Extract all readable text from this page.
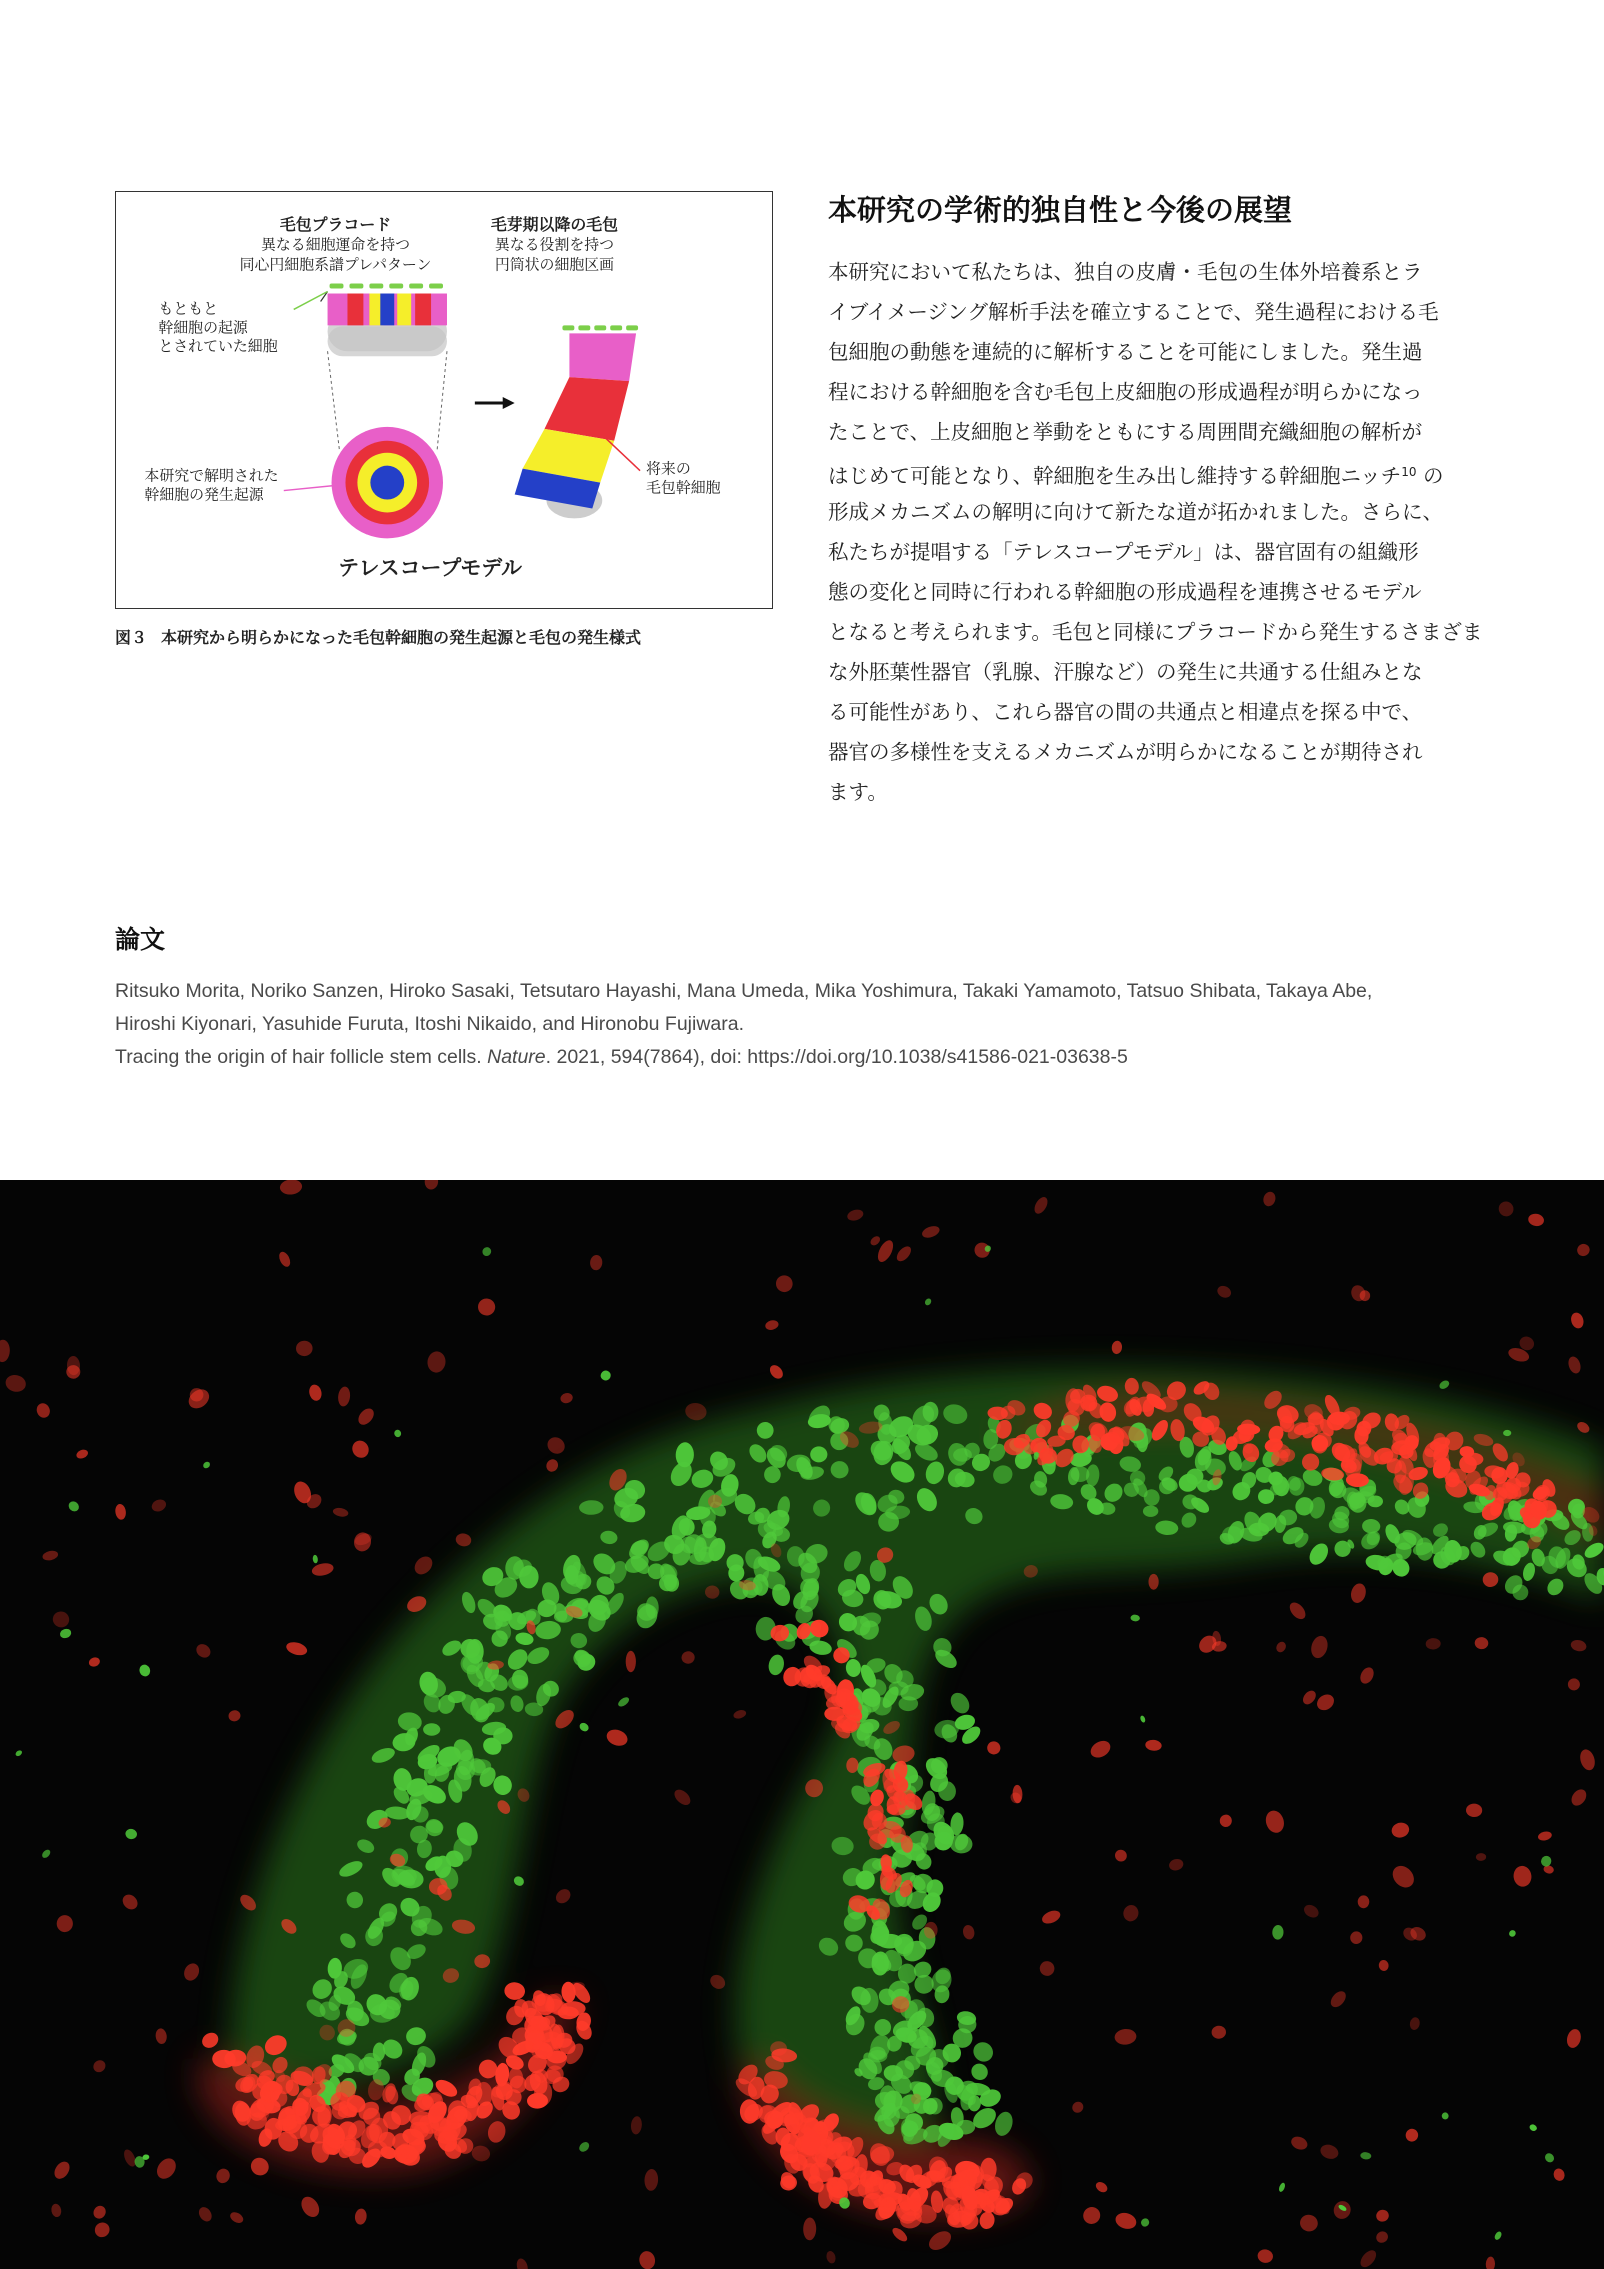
毛包プラコード
異なる細胞運命を持つ
同心円細胞系譜プレパターン
毛芽期以降の毛包
異なる役割を持つ
円筒状の細胞区画
もともと
幹細胞の起源
とされていた細胞
本研究で解明された
幹細胞の発生起源
将来の
毛包幹細胞
テレスコープモデル
図３ 本研究から明らかになった毛包幹細胞の発生起源と毛包の発生様式
本研究の学術的独自性と今後の展望
本研究において私たちは、独自の皮膚・毛包の生体外培養系とラ
イブイメージング解析手法を確立することで、発生過程における毛
包細胞の動態を連続的に解析することを可能にしました。発生過
程における幹細胞を含む毛包上皮細胞の形成過程が明らかになっ
たことで、上皮細胞と挙動をともにする周囲間充織細胞の解析が
はじめて可能となり、幹細胞を生み出し維持する幹細胞ニッチ$^{10}$ の
形成メカニズムの解明に向けて新たな道が拓かれました。さらに、
私たちが提唱する「テレスコープモデル」は、器官固有の組織形
態の変化と同時に行われる幹細胞の形成過程を連携させるモデル
となると考えられます。毛包と同様にプラコードから発生するさまざま
な外胚葉性器官（乳腺、汗腺など）の発生に共通する仕組みとな
る可能性があり、これら器官の間の共通点と相違点を探る中で、
器官の多様性を支えるメカニズムが明らかになることが期待され
ます。
論文
Ritsuko Morita, Noriko Sanzen, Hiroko Sasaki, Tetsutaro Hayashi, Mana Umeda, Mika Yoshimura, Takaki Yamamoto, Tatsuo Shibata, Takaya Abe,
Hiroshi Kiyonari, Yasuhide Furuta, Itoshi Nikaido, and Hironobu Fujiwara.
Tracing the origin of hair follicle stem cells. Nature. 2021, 594(7864), doi: https://doi.org/10.1038/s41586-021-03638-5
